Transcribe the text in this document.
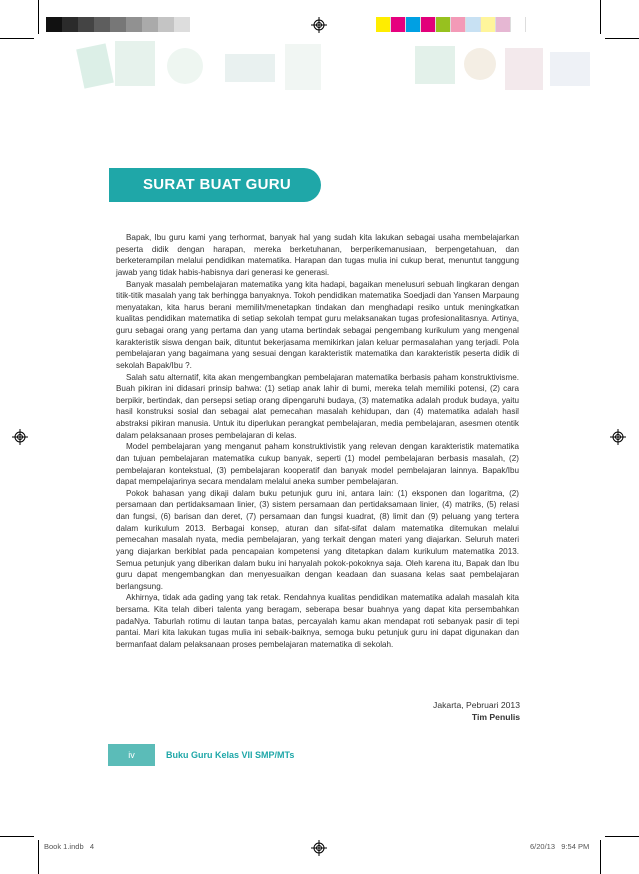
SURAT BUAT GURU

Bapak, Ibu guru kami yang terhormat, banyak hal yang sudah kita lakukan sebagai usaha membelajarkan peserta didik dengan harapan, mereka berketuhanan, berperikemanusiaan, berpengetahuan, dan berketerampilan melalui pendidikan matematika. Harapan dan tugas mulia ini cukup berat, menuntut tanggung jawab yang tidak habis-habisnya dari generasi ke generasi.

Banyak masalah pembelajaran matematika yang kita hadapi, bagaikan menelusuri sebuah lingkaran dengan titik-titik masalah yang tak berhingga banyaknya. Tokoh pendidikan matematika Soedjadi dan Yansen Marpaung menyatakan, kita harus berani memilih/menetapkan tindakan dan menghadapi resiko untuk meningkatkan kualitas pendidikan matematika di setiap sekolah tempat guru melaksanakan tugas profesionalitasnya. Artinya, guru sebagai orang yang pertama dan yang utama bertindak sebagai pengembang kurikulum yang mengenal karakteristik siswa dengan baik, dituntut bekerjasama memikirkan jalan keluar permasalahan yang terjadi. Pola pembelajaran yang bagaimana yang sesuai dengan karakteristik matematika dan karakteristik peserta didik di sekolah Bapak/Ibu ?.

Salah satu alternatif, kita akan mengembangkan pembelajaran matematika berbasis paham konstruktivisme. Buah pikiran ini didasari prinsip bahwa: (1) setiap anak lahir di bumi, mereka telah memiliki potensi, (2) cara berpikir, bertindak, dan persepsi setiap orang dipengaruhi budaya, (3) matematika adalah produk budaya, yaitu hasil konstruksi sosial dan sebagai alat pemecahan masalah kehidupan, dan (4) matematika adalah hasil abstraksi pikiran manusia. Untuk itu diperlukan perangkat pembelajaran, media pembelajaran, asesmen otentik dalam pelaksanaan proses pembelajaran di kelas.

Model pembelajaran yang menganut paham konstruktivistik yang relevan dengan karakteristik matematika dan tujuan pembelajaran matematika cukup banyak, seperti (1) model pembelajaran berbasis masalah, (2) pembelajaran kontekstual, (3) pembelajaran kooperatif dan banyak model pembelajaran lainnya. Bapak/Ibu dapat mempelajarinya secara mendalam melalui aneka sumber pembelajaran.

Pokok bahasan yang dikaji dalam buku petunjuk guru ini, antara lain: (1) eksponen dan logaritma, (2) persamaan dan pertidaksamaan linier, (3) sistem persamaan dan pertidaksamaan linier, (4) matriks, (5) relasi dan fungsi, (6) barisan dan deret, (7) persamaan dan fungsi kuadrat, (8) limit dan (9) peluang yang tertera dalam kurikulum 2013. Berbagai konsep, aturan dan sifat-sifat dalam matematika ditemukan melalui pemecahan masalah nyata, media pembelajaran, yang terkait dengan materi yang diajarkan. Seluruh materi yang diajarkan berkiblat pada pencapaian kompetensi yang ditetapkan dalam kurikulum matematika 2013. Semua petunjuk yang diberikan dalam buku ini hanyalah pokok-pokoknya saja. Oleh karena itu, Bapak dan Ibu guru dapat mengembangkan dan menyesuaikan dengan keadaan dan suasana kelas saat pembelajaran berlangsung.

Akhirnya, tidak ada gading yang tak retak. Rendahnya kualitas pendidikan matematika adalah masalah kita bersama. Kita telah diberi talenta yang beragam, seberapa besar buahnya yang dapat kita persembahkan padaNya. Taburlah rotimu di lautan tanpa batas, percayalah kamu akan mendapat roti sebanyak pasir di tepi pantai. Mari kita lakukan tugas mulia ini sebaik-baiknya, semoga buku petunjuk guru ini dapat digunakan dan bermanfaat dalam pelaksanaan proses pembelajaran matematika di sekolah.

Jakarta, Pebruari 2013
Tim Penulis
iv	Buku Guru Kelas VII SMP/MTs
Book 1.indb   4	6/20/13   9:54 PM
